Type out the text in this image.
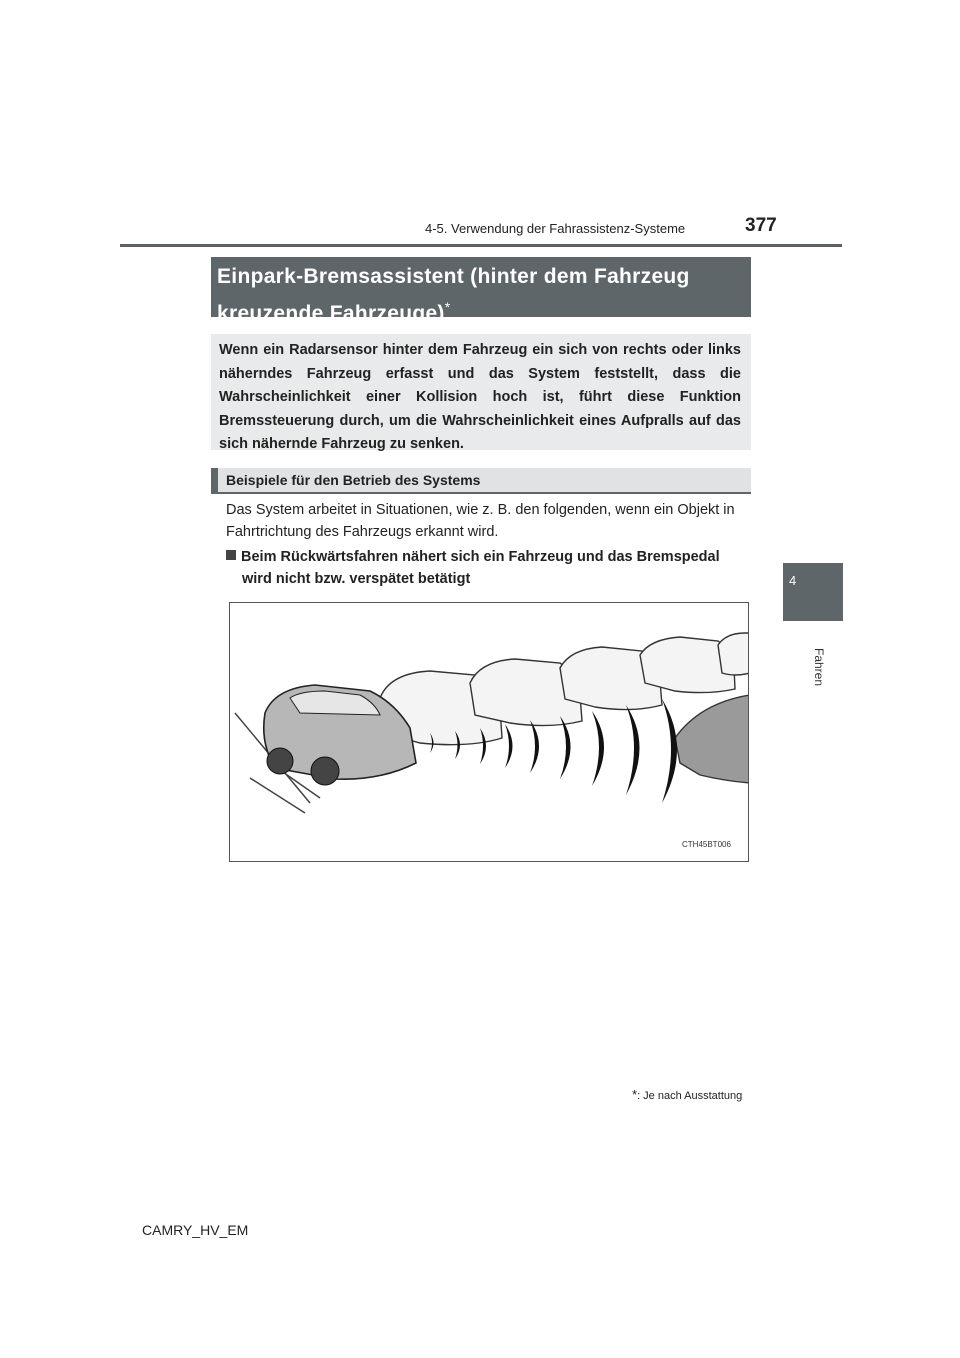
4-5. Verwendung der Fahrassistenz-Systeme	377
4
Fahren
Einpark-Bremsassistent (hinter dem Fahrzeug kreuzende Fahrzeuge)*
Wenn ein Radarsensor hinter dem Fahrzeug ein sich von rechts oder links näherndes Fahrzeug erfasst und das System feststellt, dass die Wahrscheinlichkeit einer Kollision hoch ist, führt diese Funktion Bremssteuerung durch, um die Wahrscheinlichkeit eines Aufpralls auf das sich nähernde Fahrzeug zu senken.
Beispiele für den Betrieb des Systems
Das System arbeitet in Situationen, wie z. B. den folgenden, wenn ein Objekt in Fahrtrichtung des Fahrzeugs erkannt wird.
Beim Rückwärtsfahren nähert sich ein Fahrzeug und das Bremspedal
wird nicht bzw. verspätet betätigt
CTH45BT006
*: Je nach Ausstattung
CAMRY_HV_EM
